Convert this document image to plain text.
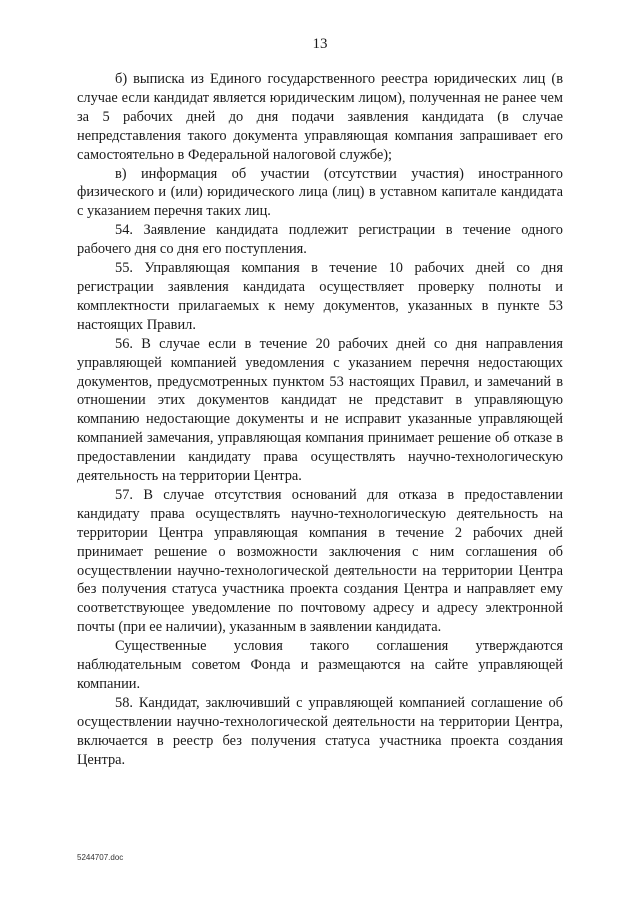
13

б) выписка из Единого государственного реестра юридических лиц (в случае если кандидат является юридическим лицом), полученная не ранее чем за 5 рабочих дней до дня подачи заявления кандидата (в случае непредставления такого документа управляющая компания запрашивает его самостоятельно в Федеральной налоговой службе);

в) информация об участии (отсутствии участия) иностранного физического и (или) юридического лица (лиц) в уставном капитале кандидата с указанием перечня таких лиц.

54. Заявление кандидата подлежит регистрации в течение одного рабочего дня со дня его поступления.

55. Управляющая компания в течение 10 рабочих дней со дня регистрации заявления кандидата осуществляет проверку полноты и комплектности прилагаемых к нему документов, указанных в пункте 53 настоящих Правил.

56. В случае если в течение 20 рабочих дней со дня направления управляющей компанией уведомления с указанием перечня недостающих документов, предусмотренных пунктом 53 настоящих Правил, и замечаний в отношении этих документов кандидат не представит в управляющую компанию недостающие документы и не исправит указанные управляющей компанией замечания, управляющая компания принимает решение об отказе в предоставлении кандидату права осуществлять научно-технологическую деятельность на территории Центра.

57. В случае отсутствия оснований для отказа в предоставлении кандидату права осуществлять научно-технологическую деятельность на территории Центра управляющая компания в течение 2 рабочих дней принимает решение о возможности заключения с ним соглашения об осуществлении научно-технологической деятельности на территории Центра без получения статуса участника проекта создания Центра и направляет ему соответствующее уведомление по почтовому адресу и адресу электронной почты (при ее наличии), указанным в заявлении кандидата.

Существенные условия такого соглашения утверждаются наблюдательным советом Фонда и размещаются на сайте управляющей компании.

58. Кандидат, заключивший с управляющей компанией соглашение об осуществлении научно-технологической деятельности на территории Центра, включается в реестр без получения статуса участника проекта создания Центра.

5244707.doc
